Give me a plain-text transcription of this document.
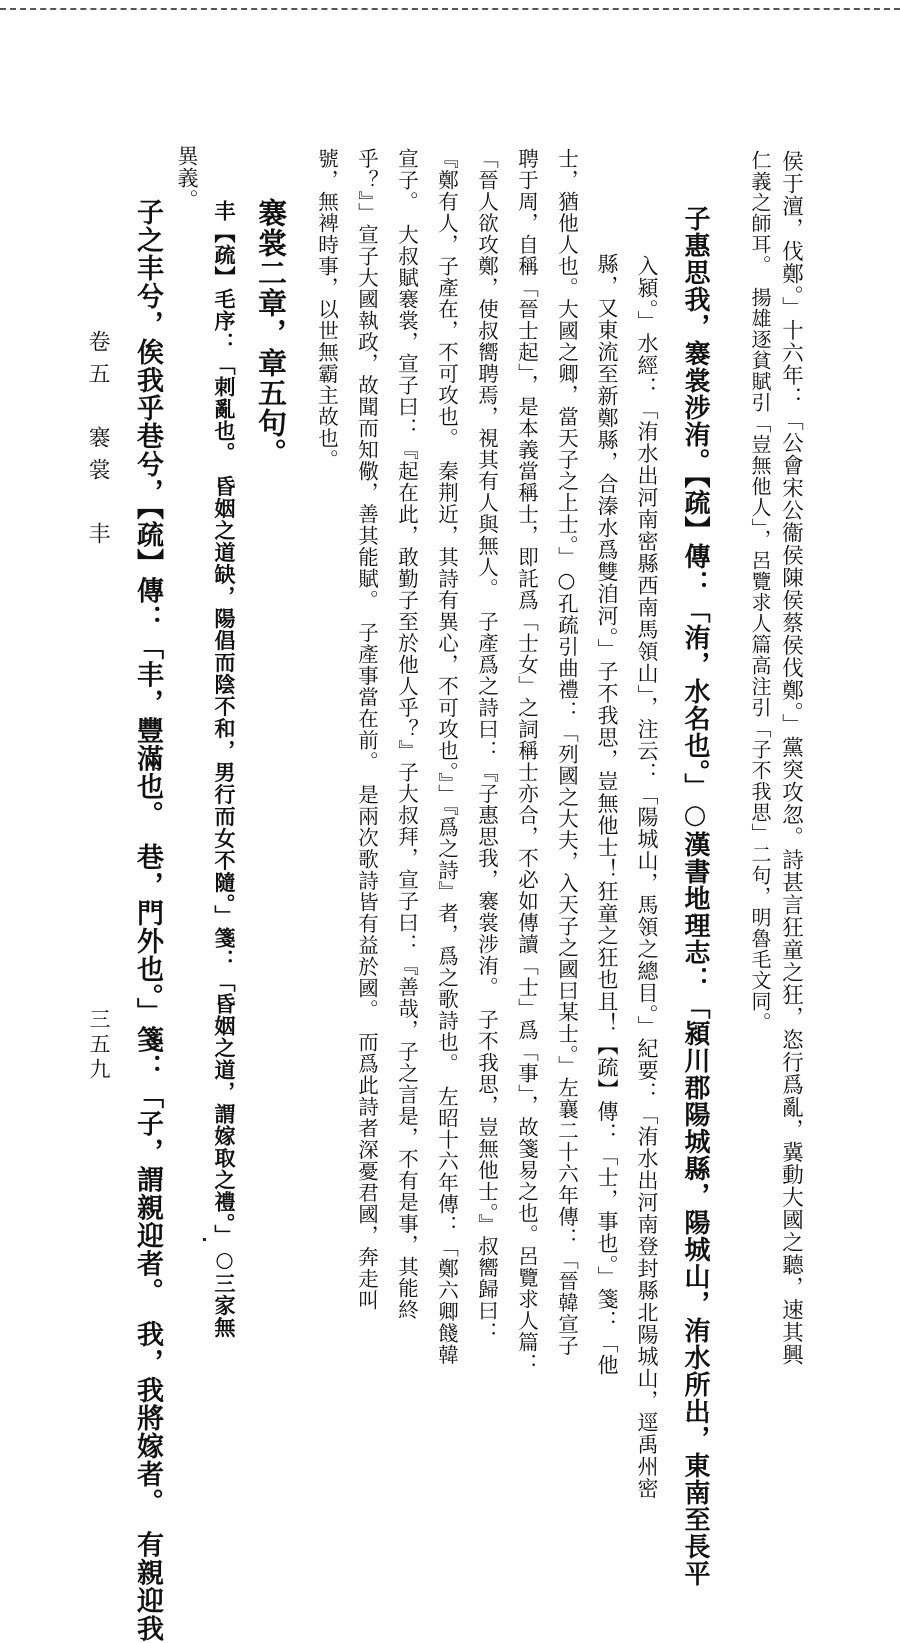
侯于澶，伐鄭。」十六年：「公會宋公衞侯陳侯蔡侯伐鄭。」黨突攻忽。詩甚言狂童之狂，恣行爲亂，冀動大國之聽，速其興
仁義之師耳。　揚雄逐貧賦引「豈無他人」，呂覽求人篇高注引「子不我思」二句，明魯毛文同。
子惠思我，褰裳涉洧。【疏】傳：「洧，水名也。」○漢書地理志：「潁川郡陽城縣，陽城山，洧水所出，東南至長平
入潁。」水經：「洧水出河南密縣西南馬領山」，注云：「陽城山，馬領之總目。」紀要：「洧水出河南登封縣北陽城山，逕禹州密
縣，又東流至新鄭縣，合溱水爲雙洎河。」子不我思，豈無他士！狂童之狂也且！【疏】傳：「士，事也。」箋：「他
士，猶他人也。大國之卿，當天子之上士。」○孔疏引曲禮：「列國之大夫，入天子之國曰某士。」左襄二十六年傳：「晉韓宣子
聘于周，自稱「晉士起」，是本義當稱士，即託爲「士女」之詞稱士亦合，不必如傳讀「士」爲「事」，故箋易之也。呂覽求人篇：
「晉人欲攻鄭，使叔嚮聘焉，視其有人與無人。　子產爲之詩曰：『子惠思我，褰裳涉洧。　子不我思，豈無他士。』叔嚮歸曰：
『鄭有人，子產在，不可攻也。　秦荆近，其詩有異心，不可攻也。』」『爲之詩』者，爲之歌詩也。　左昭十六年傳：「鄭六卿餞韓
宣子。　大叔賦褰裳，宣子曰：『起在此，敢勤子至於他人乎？』子大叔拜，宣子曰：『善哉，子之言是，不有是事，其能終
乎？』」宣子大國執政，故聞而知儆，善其能賦。　子產事當在前。　是兩次歌詩皆有益於國。　而爲此詩者深憂君國，奔走叫
號，無裨時事，以世無霸主故也。
褰裳二章，章五句。
丰【疏】毛序：「刺亂也。　昏姻之道缺，陽倡而陰不和，男行而女不隨。」箋：「昏姻之道，謂嫁取之禮。」○三家無
異義。
子之丰兮，俟我乎巷兮，【疏】傳：「丰，豐滿也。　巷，門外也。」箋：「子，謂親迎者。　我，我將嫁者。　有親迎我
卷五　褰裳　丰
三五九
